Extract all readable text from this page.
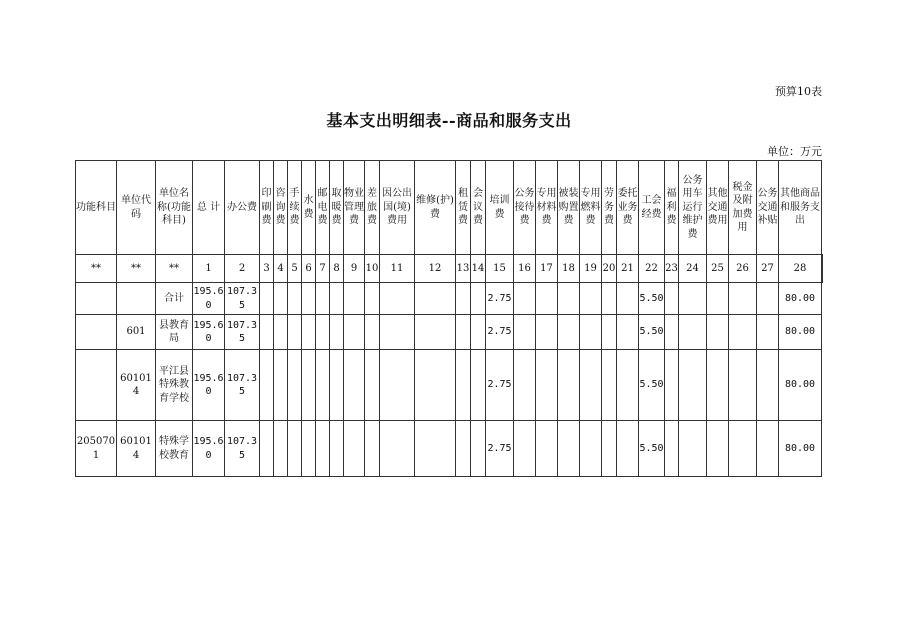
预算10表
基本支出明细表--商品和服务支出
单位：万元
功能科目	单位代码	单位名称(功能科目)	总 计	办公费	印刷费	咨询费	手续费	水费	邮电费	取暖费	物业管理费	差旅费	因公出国(境)费用	维修(护)费	租赁费	会议费	培训费	公务接待费	专用材料费	被装购置费	专用燃料费	劳务费	委托业务费	工会经费	福利费	公务用车运行维护费	其他交通费用	税金及附加费用	公务交通补贴	其他商品和服务支出	
**	**	**	1	2	3	4	5	6	7	8	9	10	11	12	13	14	15	16	17	18	19	20	21	22	23	24	25	26	27	28	
		合计	195.60	107.35													2.75							5.50						80.00	
	601	县教育局	195.60	107.35													2.75							5.50						80.00	
	601014	平江县特殊教育学校	195.60	107.35													2.75							5.50						80.00	
2050701	601014	特殊学校教育	195.60	107.35													2.75							5.50						80.00	
